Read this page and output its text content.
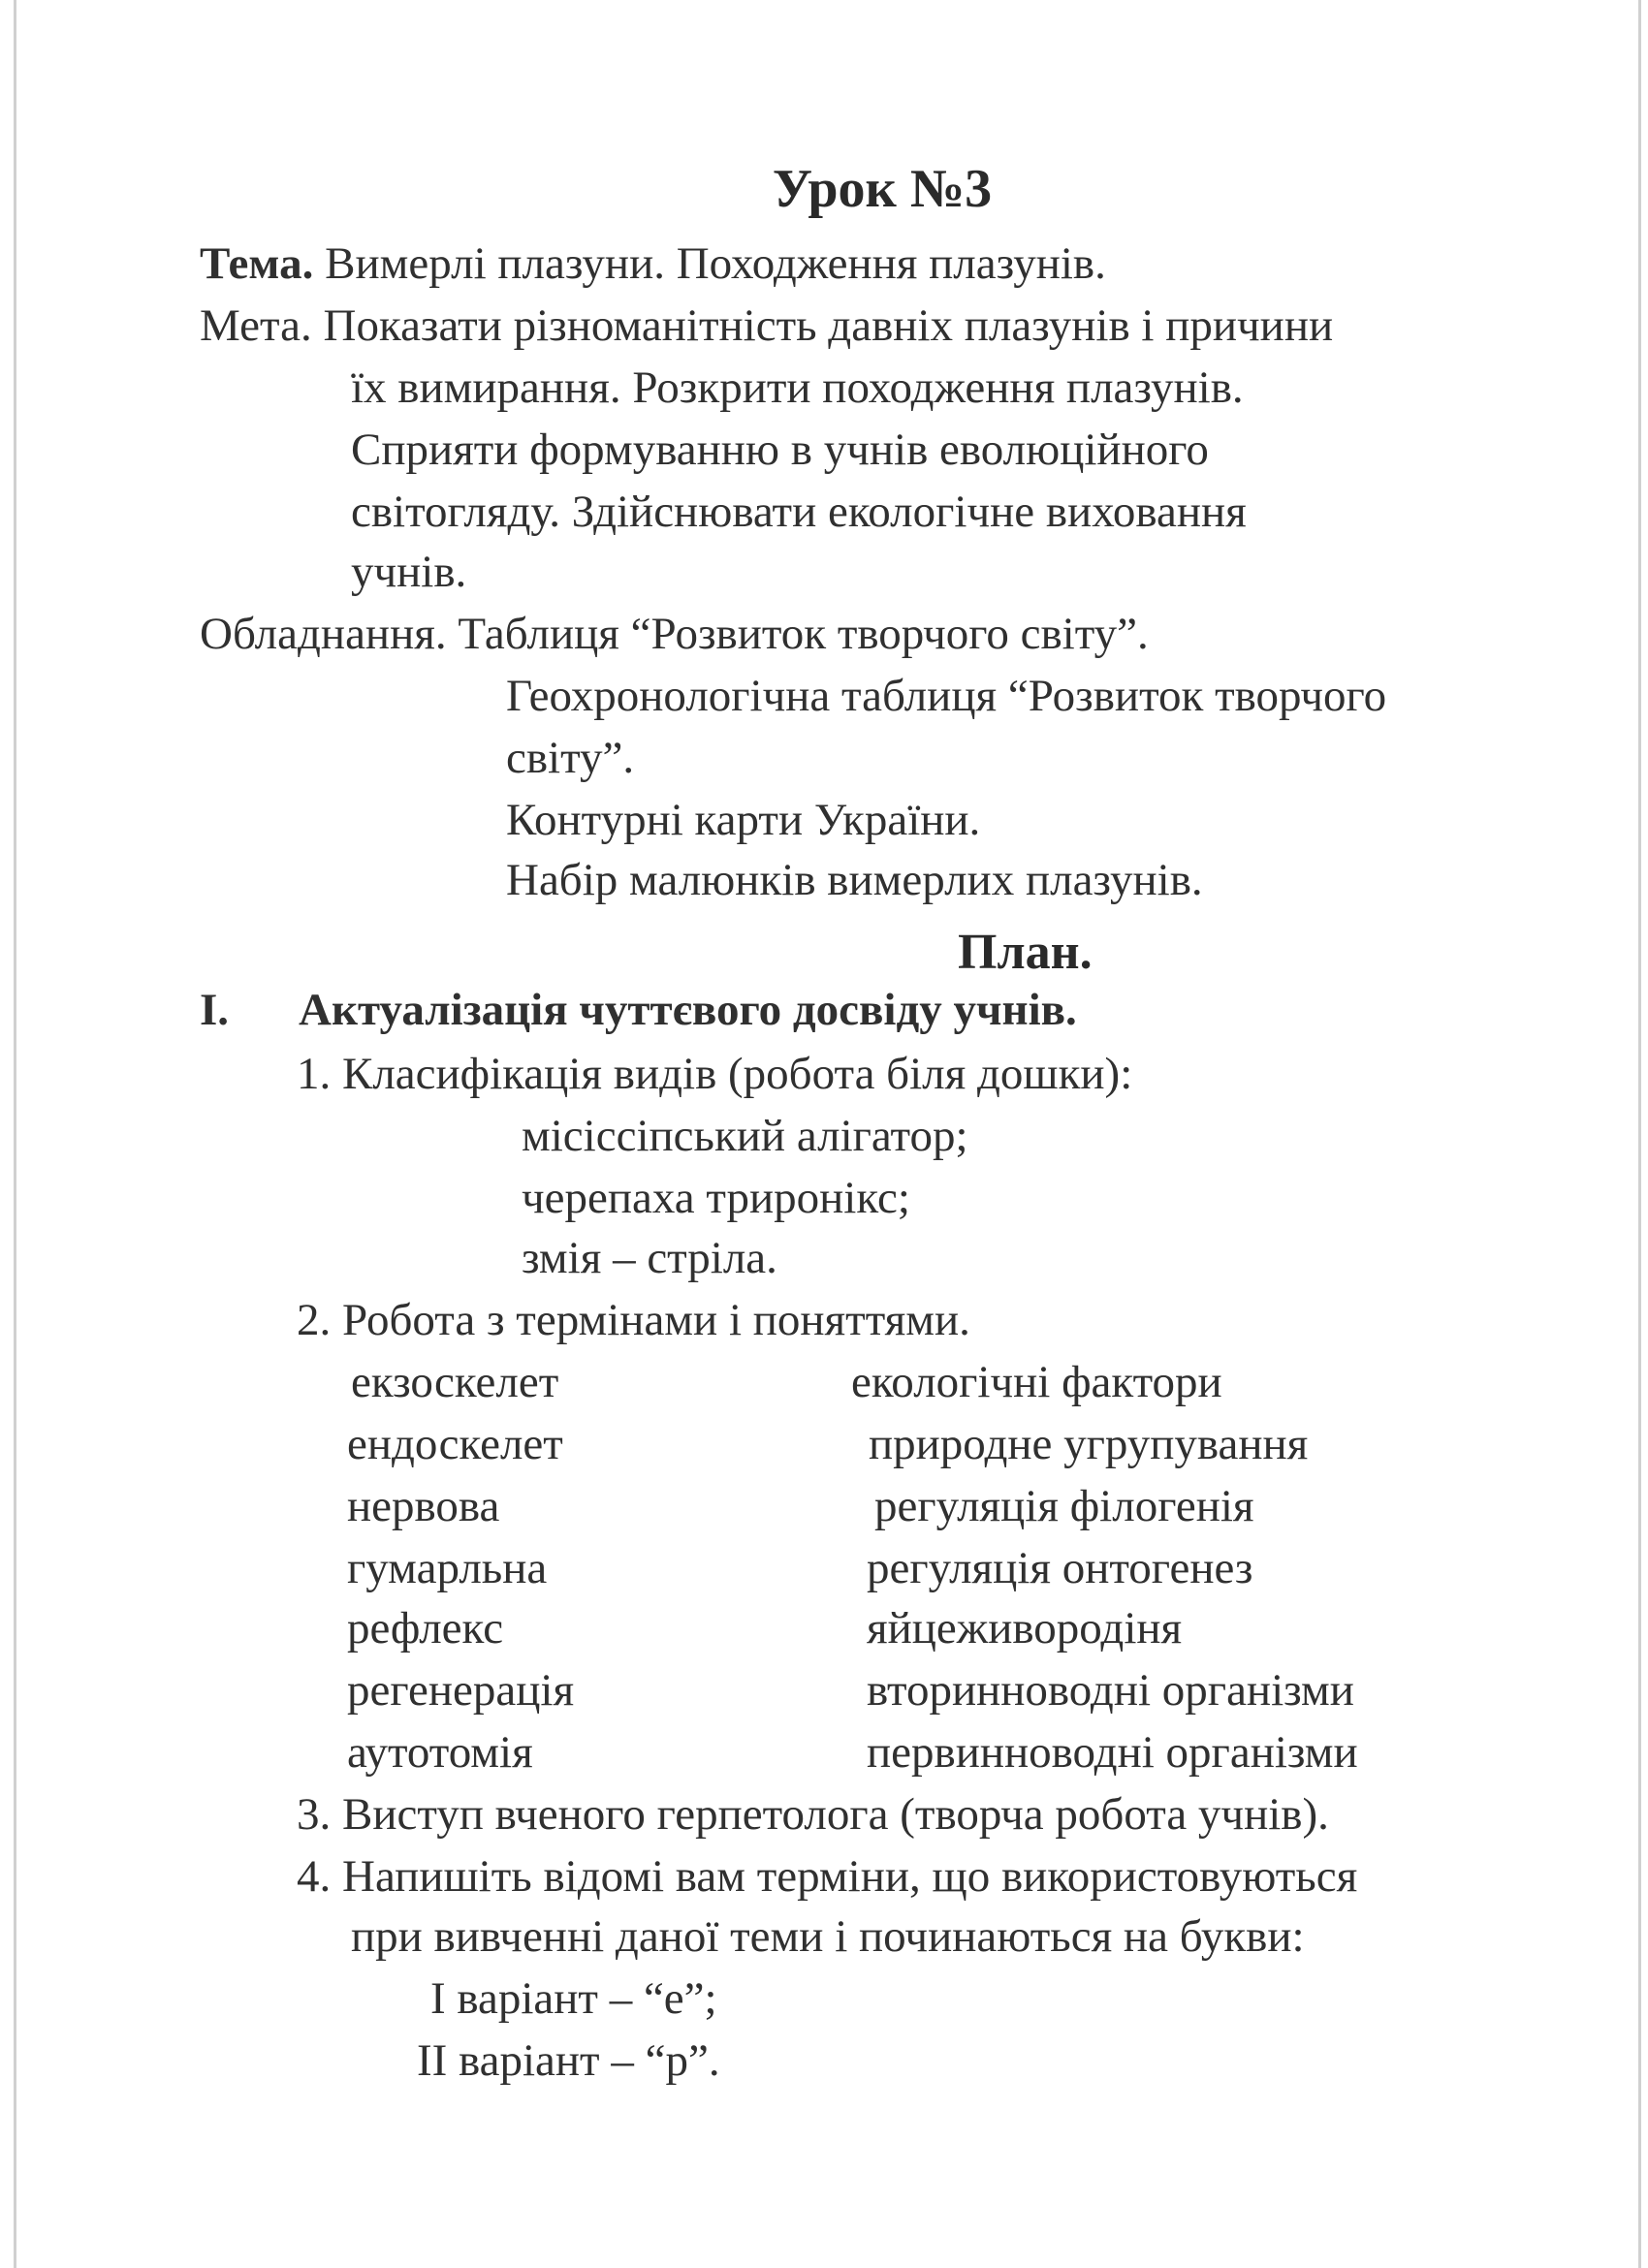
Урок №3
Тема. Вимерлі плазуни. Походження плазунів.
Мета. Показати різноманітність давніх плазунів і причини
їх вимирання. Розкрити походження плазунів.
Сприяти формуванню в учнів еволюційного
світогляду. Здійснювати екологічне виховання
учнів.
Обладнання. Таблиця “Розвиток творчого світу”.
Геохронологічна таблиця “Розвиток творчого
світу”.
Контурні карти України.
Набір малюнків вимерлих плазунів.
План.
I. Актуалізація чуттєвого досвіду учнів.
1. Класифікація видів (робота біля дошки):
місіссіпський алігатор;
черепаха триронікс;
змія – стріла.
2. Робота з термінами і поняттями.
екзоскелет	екологічні фактори
ендоскелет	природне угрупування
нервова	регуляція філогенія
гумарльна	регуляція онтогенез
рефлекс	яйцеживородіня
регенерація	вторинноводні організми
аутотомія	первинноводні організми
3. Виступ вченого герпетолога (творча робота учнів).
4. Напишіть відомі вам терміни, що використовуються
при вивченні даної теми і починаються на букви:
I варіант – “е”;
II варіант – “р”.
